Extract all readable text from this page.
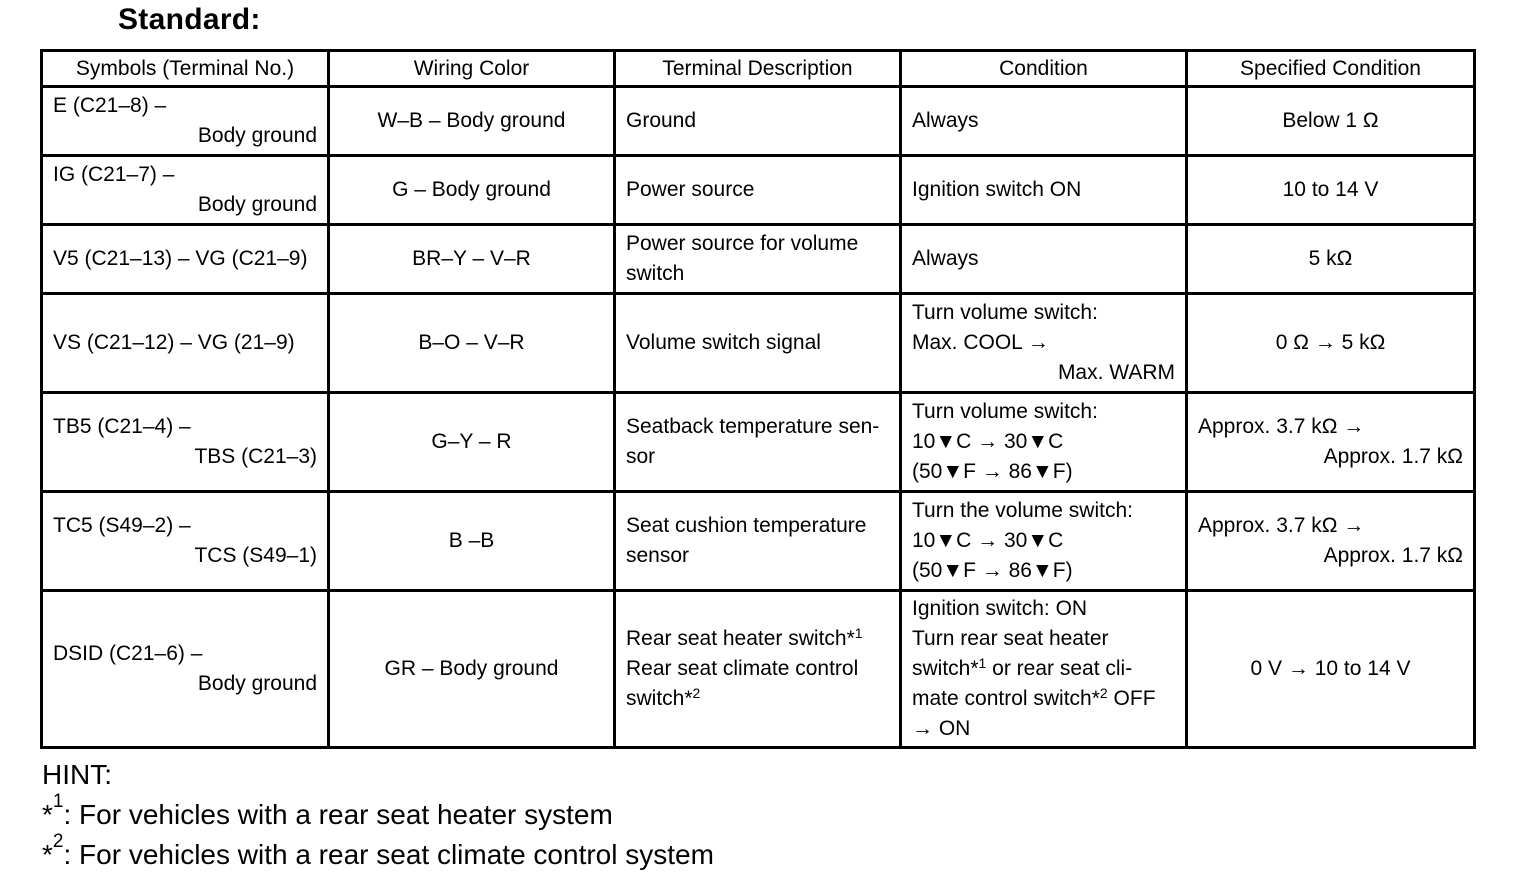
Standard:
Symbols (Terminal No.)	Wiring Color	Terminal Description	Condition	Specified Condition

E (C21–8) –
Body ground	W–B – Body ground	Ground	Always	Below 1 Ω

IG (C21–7) –
Body ground	G – Body ground	Power source	Ignition switch ON	10 to 14 V
V5 (C21–13) – VG (C21–9)	BR–Y – V–R	Power source for volume
switch	Always	5 kΩ
VS (C21–12) – VG (21–9)	B–O – V–R	Volume switch signal	Turn volume switch:
Max. COOL →
Max. WARM	0 Ω → 5 kΩ

TB5 (C21–4) –
TBS (C21–3)	G–Y – R	Seatback temperature sen-
sor	Turn volume switch:
10▼C → 30▼C
(50▼F → 86▼F)	Approx. 3.7 kΩ →
Approx. 1.7 kΩ

TC5 (S49–2) –
TCS (S49–1)	B –B	Seat cushion temperature
sensor	Turn the volume switch:
10▼C → 30▼C
(50▼F → 86▼F)	Approx. 3.7 kΩ →
Approx. 1.7 kΩ

DSID (C21–6) –
Body ground	GR – Body ground	Rear seat heater switch*$^1$
Rear seat climate control
switch*$^2$	Ignition switch: ON
Turn rear seat heater
switch*$^1$ or rear seat cli-
mate control switch*$^2$ OFF
→ ON	0 V → 10 to 14 V
HINT:
*$^1$: For vehicles with a rear seat heater system
*$^2$: For vehicles with a rear seat climate control system
